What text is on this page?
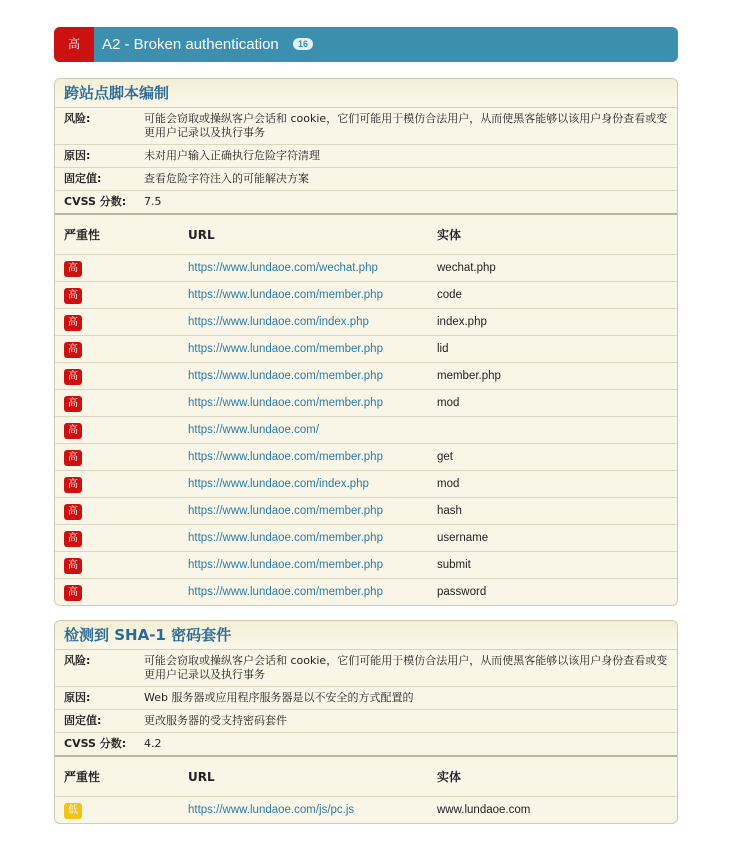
高	A2 - Broken authentication 16
跨站点脚本编制
风险:	可能会窃取或操纵客户会话和 cookie，它们可能用于模仿合法用户，从而使黑客能够以该用户身份查看或变更用户记录以及执行事务
原因:	未对用户输入正确执行危险字符清理
固定值:	查看危险字符注入的可能解决方案
CVSS 分数:	7.5
严重性	URL	实体
高	https://www.lundaoe.com/wechat.php	wechat.php
高	https://www.lundaoe.com/member.php	code
高	https://www.lundaoe.com/index.php	index.php
高	https://www.lundaoe.com/member.php	lid
高	https://www.lundaoe.com/member.php	member.php
高	https://www.lundaoe.com/member.php	mod
高	https://www.lundaoe.com/
高	https://www.lundaoe.com/member.php	get
高	https://www.lundaoe.com/index.php	mod
高	https://www.lundaoe.com/member.php	hash
高	https://www.lundaoe.com/member.php	username
高	https://www.lundaoe.com/member.php	submit
高	https://www.lundaoe.com/member.php	password
检测到 SHA-1 密码套件
风险:	可能会窃取或操纵客户会话和 cookie，它们可能用于模仿合法用户，从而使黑客能够以该用户身份查看或变更用户记录以及执行事务
原因:	Web 服务器或应用程序服务器是以不安全的方式配置的
固定值:	更改服务器的受支持密码套件
CVSS 分数:	4.2
严重性	URL	实体
低	https://www.lundaoe.com/js/pc.js	www.lundaoe.com
